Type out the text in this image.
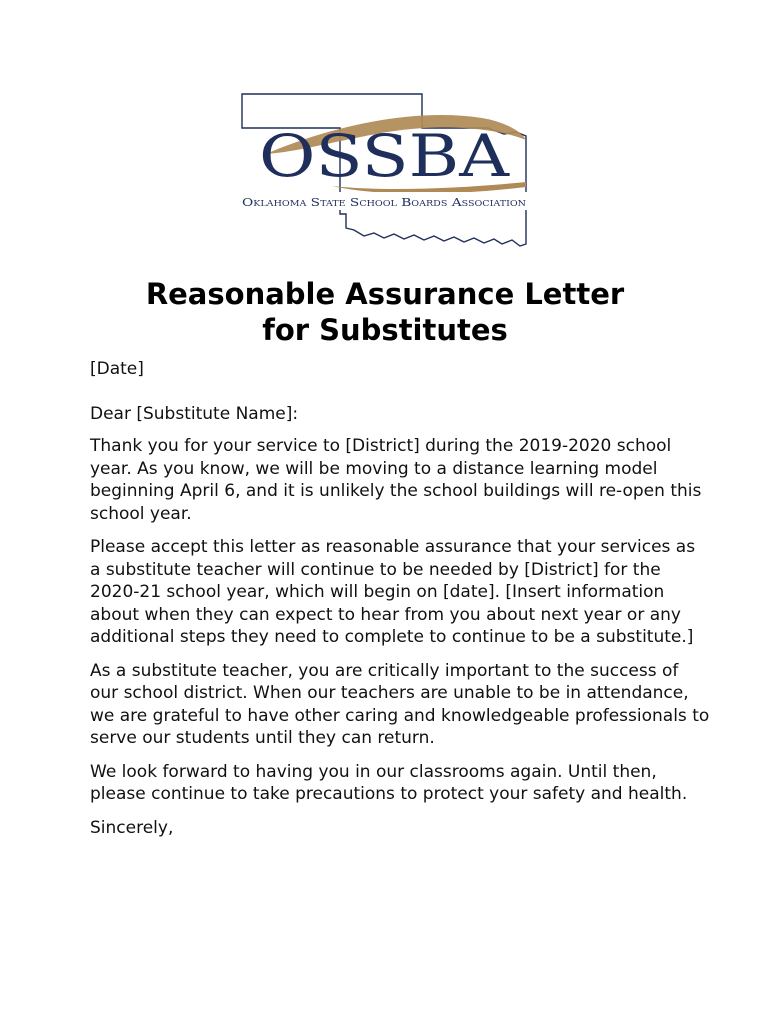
OSSBA
Oklahoma State School Boards Association
Reasonable Assurance Letter
for Substitutes

[Date]

Dear [Substitute Name]:

Thank you for your service to [District] during the 2019-2020 school year. As you know, we will be moving to a distance learning model beginning April 6, and it is unlikely the school buildings will re-open this school year.

Please accept this letter as reasonable assurance that your services as a substitute teacher will continue to be needed by [District] for the 2020-21 school year, which will begin on [date]. [Insert information about when they can expect to hear from you about next year or any additional steps they need to complete to continue to be a substitute.]

As a substitute teacher, you are critically important to the success of our school district. When our teachers are unable to be in attendance, we are grateful to have other caring and knowledgeable professionals to serve our students until they can return.

We look forward to having you in our classrooms again. Until then, please continue to take precautions to protect your safety and health.

Sincerely,
